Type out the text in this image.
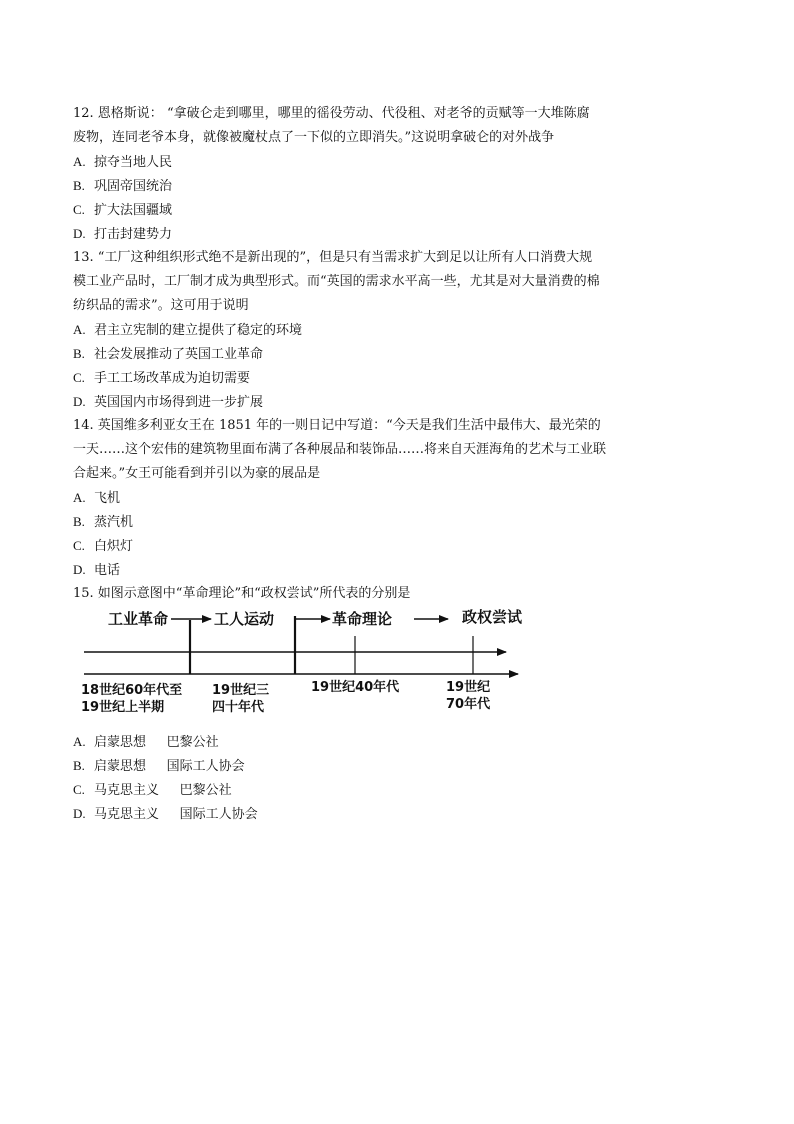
12. 恩格斯说： “拿破仑走到哪里，哪里的徭役劳动、代役租、对老爷的贡赋等一大堆陈腐
废物，连同老爷本身，就像被魔杖点了一下似的立即消失。”这说明拿破仑的对外战争
A. 掠夺当地人民
B. 巩固帝国统治
C. 扩大法国疆域
D. 打击封建势力
13. “工厂这种组织形式绝不是新出现的”，但是只有当需求扩大到足以让所有人口消费大规
模工业产品时，工厂制才成为典型形式。而“英国的需求水平高一些，尤其是对大量消费的棉
纺织品的需求”。这可用于说明
A. 君主立宪制的建立提供了稳定的环境
B. 社会发展推动了英国工业革命
C. 手工工场改革成为迫切需要
D. 英国国内市场得到进一步扩展
14. 英国维多利亚女王在 1851 年的一则日记中写道：“今天是我们生活中最伟大、最光荣的
一天……这个宏伟的建筑物里面布满了各种展品和装饰品……将来自天涯海角的艺术与工业联
合起来。”女王可能看到并引以为豪的展品是
A. 飞机
B. 蒸汽机
C. 白炽灯
D. 电话
15. 如图示意图中“革命理论”和“政权尝试”所代表的分别是
工业革命	工人运动	革命理论	政权尝试
18世纪60年代至
19世纪上半期
19世纪三
四十年代
19世纪40年代	19世纪
70年代
A. 启蒙思想     巴黎公社
B. 启蒙思想     国际工人协会
C. 马克思主义     巴黎公社
D. 马克思主义     国际工人协会
